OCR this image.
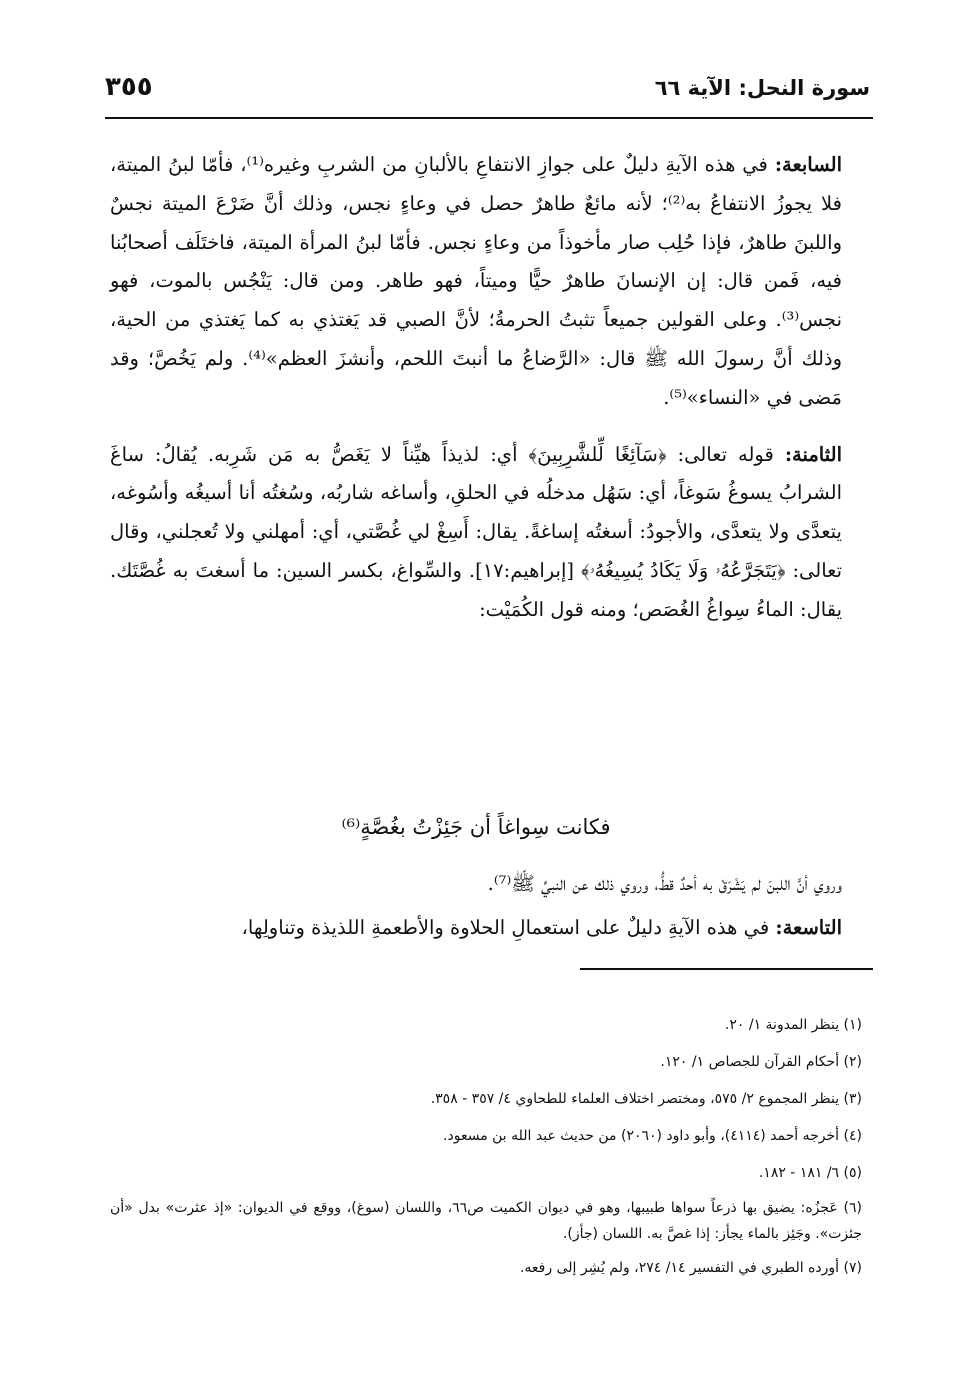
سورة النحل: الآية ٦٦
٣٥٥

السابعة: في هذه الآيةِ دليلٌ على جوازِ الانتفاعِ بالألبانِ من الشربِ وغيره⁽¹⁾، فأمّا لبنُ الميتة، فلا يجوزُ الانتفاعُ به⁽²⁾؛ لأنه مائعٌ طاهرٌ حصل في وعاءٍ نجس، وذلك أنَّ ضَرْعَ الميتة نجسٌ واللبنَ طاهرٌ، فإذا حُلِب صار مأخوذاً من وعاءٍ نجس. فأمّا لبنُ المرأة الميتة، فاختَلَف أصحابُنا فيه، فَمن قال: إن الإنسانَ طاهرٌ حيًّا وميتاً، فهو طاهر. ومن قال: يَنْجُس بالموت، فهو نجس⁽³⁾. وعلى القولين جميعاً تثبتُ الحرمةُ؛ لأنَّ الصبي قد يَغتذي به كما يَغتذي من الحية، وذلك أنَّ رسولَ الله ﷺ قال: «الرَّضاعُ ما أنبتَ اللحم، وأنشزَ العظم»⁽⁴⁾. ولم يَخُصَّ؛ وقد مَضى في «النساء»⁽⁵⁾.

الثامنة: قوله تعالى: ﴿سَآئِغًا لِّلشَّٰرِبِينَ﴾ أي: لذيذاً هيِّناً لا يَغَصُّ به مَن شَرِبه. يُقالُ: ساغَ الشرابُ يسوغُ سَوغاً، أي: سَهُل مدخلُه في الحلقِ، وأساغه شاربُه، وسُغتُه أنا أسيغُه وأسُوغه، يتعدَّى ولا يتعدَّى، والأجودُ: أسغتُه إساغةً. يقال: أَسِغْ لي غُصَّتي، أي: أمهلني ولا تُعجلني، وقال تعالى: ﴿يَتَجَرَّعُهُۥ وَلَا يَكَادُ يُسِيغُهُۥ﴾ [إبراهيم:١٧]. والسِّواغ، بكسر السين: ما أسغتَ به غُصَّتَك. يقال: الماءُ سِواغُ الغُصَص؛ ومنه قول الكُمَيْت:

فكانت سِواغاً أن جَئِزْتُ بغُصَّةٍ⁽⁶⁾

وروي أنَّ اللبنَ لم يَشْرَقْ به أحدٌ قطُّ، وروي ذلك عن النبيِّ ﷺ⁽⁷⁾.

التاسعة: في هذه الآيةِ دليلٌ على استعمالِ الحلاوة والأطعمةِ اللذيذة وتناولِها،

(١) ينظر المدونة ١/ ٢٠.

(٢) أحكام القرآن للجصاص ١/ ١٢٠.

(٣) ينظر المجموع ٢/ ٥٧٥، ومختصر اختلاف العلماء للطحاوي ٤/ ٣٥٧ - ٣٥٨.

(٤) أخرجه أحمد (٤١١٤)، وأبو داود (٢٠٦٠) من حديث عبد الله بن مسعود.

(٥) ٦/ ١٨١ - ١٨٢.

(٦) عَجزُه: يضيق بها ذرعاً سواها طبيبها، وهو في ديوان الكميت ص٦٦، واللسان (سوغ)، ووقع في الديوان: «إذ عثرت» بدل «أن جئزت». وجَئِز بالماء يجأز: إذا غصَّ به. اللسان (جأز).

(٧) أورده الطبري في التفسير ١٤/ ٢٧٤، ولم يُشِر إلى رفعه.
